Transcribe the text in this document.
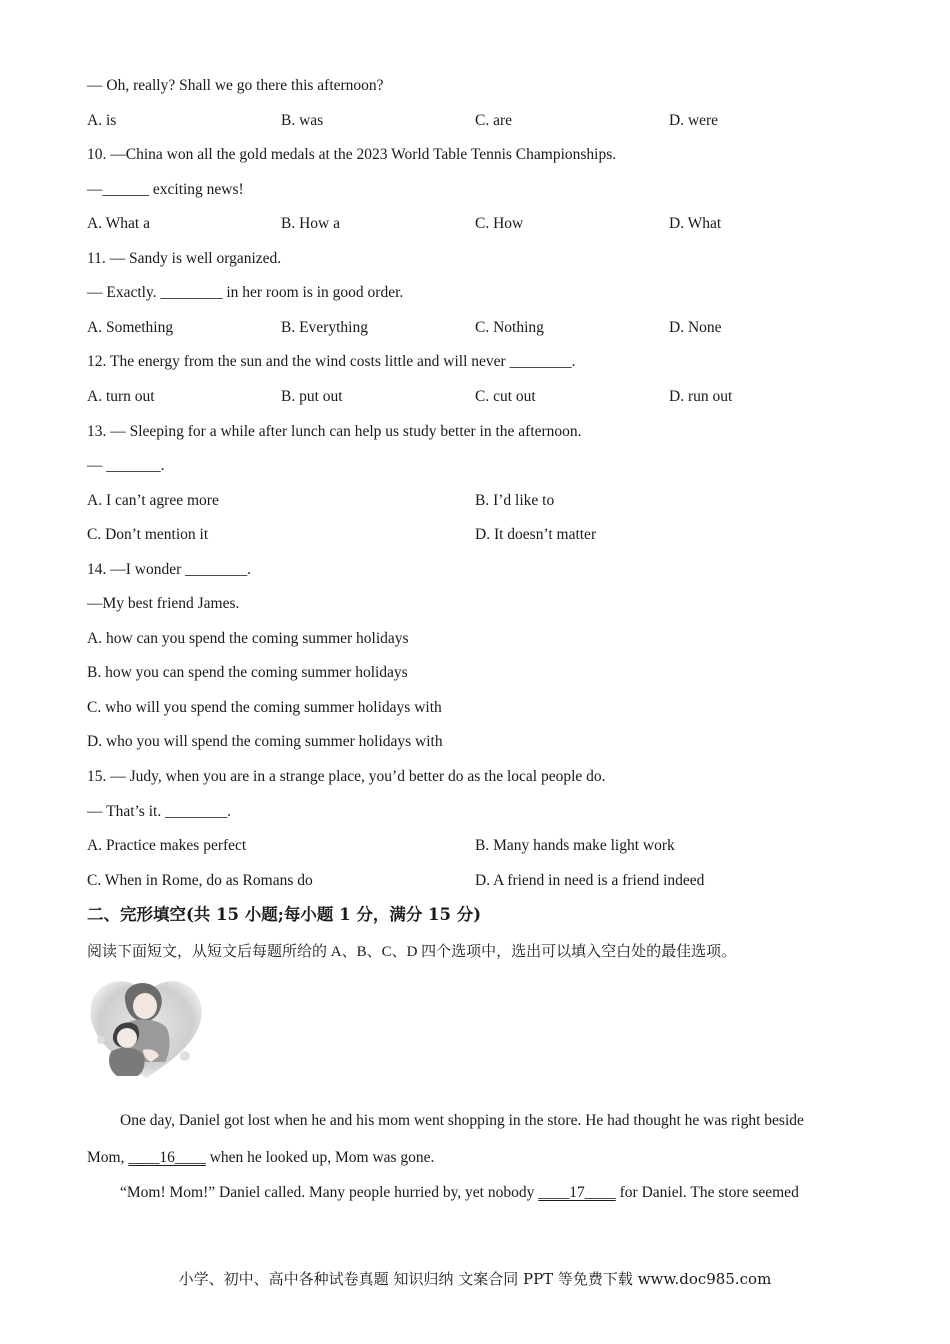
— Oh, really? Shall we go there this afternoon?
A. is	B. was	C. are	D. were
10. —China won all the gold medals at the 2023 World Table Tennis Championships.
—______ exciting news!
A. What a	B. How a	C. How	D. What
11. — Sandy is well organized.
— Exactly. ________ in her room is in good order.
A. Something	B. Everything	C. Nothing	D. None
12. The energy from the sun and the wind costs little and will never ________.
A. turn out	B. put out	C. cut out	D. run out
13. — Sleeping for a while after lunch can help us study better in the afternoon.
— _______.
A. I can’t agree more	B. I’d like to
C. Don’t mention it	D. It doesn’t matter
14. —I wonder ________.
—My best friend James.
A. how can you spend the coming summer holidays
B. how you can spend the coming summer holidays
C. who will you spend the coming summer holidays with
D. who you will spend the coming summer holidays with
15. — Judy, when you are in a strange place, you’d better do as the local people do.
— That’s it. ________.
A. Practice makes perfect	B. Many hands make light work
C. When in Rome, do as Romans do	D. A friend in need is a friend indeed
二、完形填空(共 15 小题;每小题 1 分，满分 15 分)
阅读下面短文，从短文后每题所给的 A、B、C、D 四个选项中，选出可以填入空白处的最佳选项。
One day, Daniel got lost when he and his mom went shopping in the store. He had thought he was right beside
Mom, ____16____ when he looked up, Mom was gone.
“Mom! Mom!” Daniel called. Many people hurried by, yet nobody ____17____ for Daniel. The store seemed
小学、初中、高中各种试卷真题 知识归纳 文案合同 PPT 等免费下载 www.doc985.com
